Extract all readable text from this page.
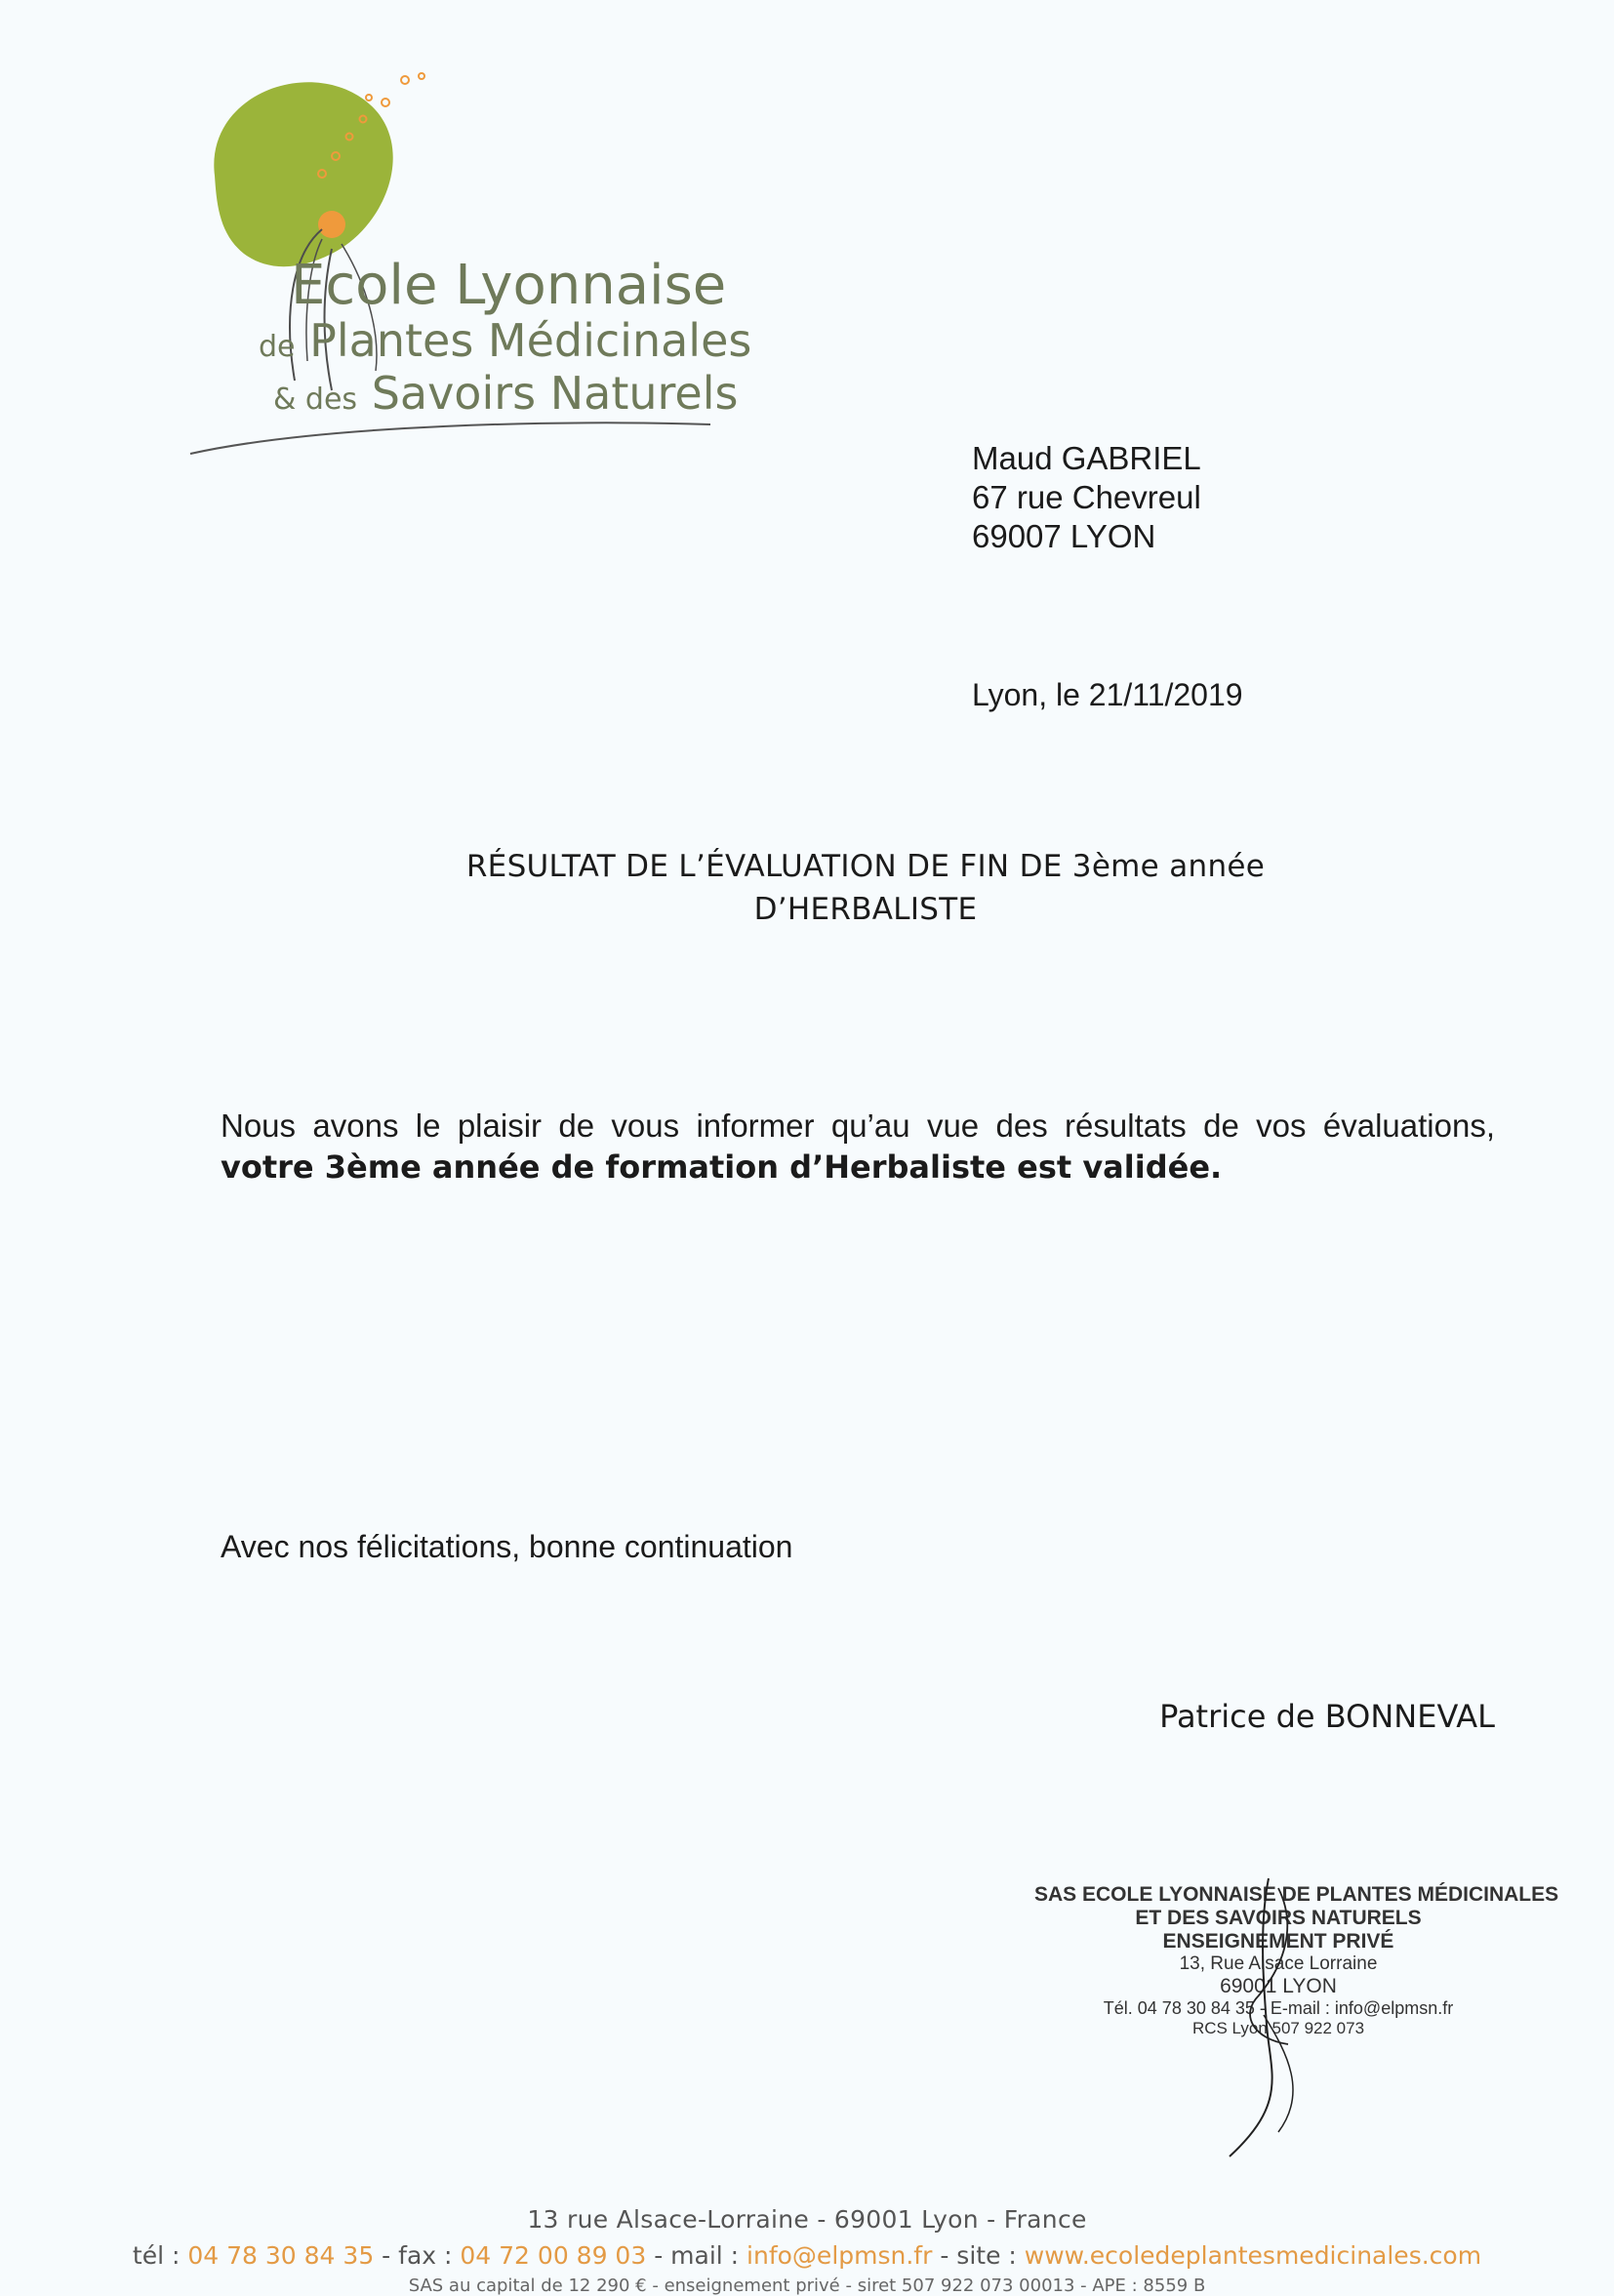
Ecole Lyonnaise
de Plantes Médicinales
& des Savoirs Naturels
Maud GABRIEL
67 rue Chevreul
69007 LYON
Lyon, le 21/11/2019
RÉSULTAT DE L’ÉVALUATION DE FIN DE 3ème année
D’HERBALISTE
Nous avons le plaisir de vous informer qu’au vue des résultats de vos évaluations,
votre 3ème année de formation d’Herbaliste est validée.
Avec nos félicitations, bonne continuation
Patrice de BONNEVAL
SAS ECOLE LYONNAISE DE PLANTES MÉDICINALES
ET DES SAVOIRS NATURELS
ENSEIGNEMENT PRIVÉ
13, Rue Alsace Lorraine
69001 LYON
Tél. 04 78 30 84 35 - E-mail : info@elpmsn.fr
RCS Lyon 507 922 073
13 rue Alsace-Lorraine - 69001 Lyon - France
tél : 04 78 30 84 35 - fax : 04 72 00 89 03 - mail : info@elpmsn.fr - site : www.ecoledeplantesmedicinales.com
SAS au capital de 12 290 € - enseignement privé - siret 507 922 073 00013 - APE : 8559 B
